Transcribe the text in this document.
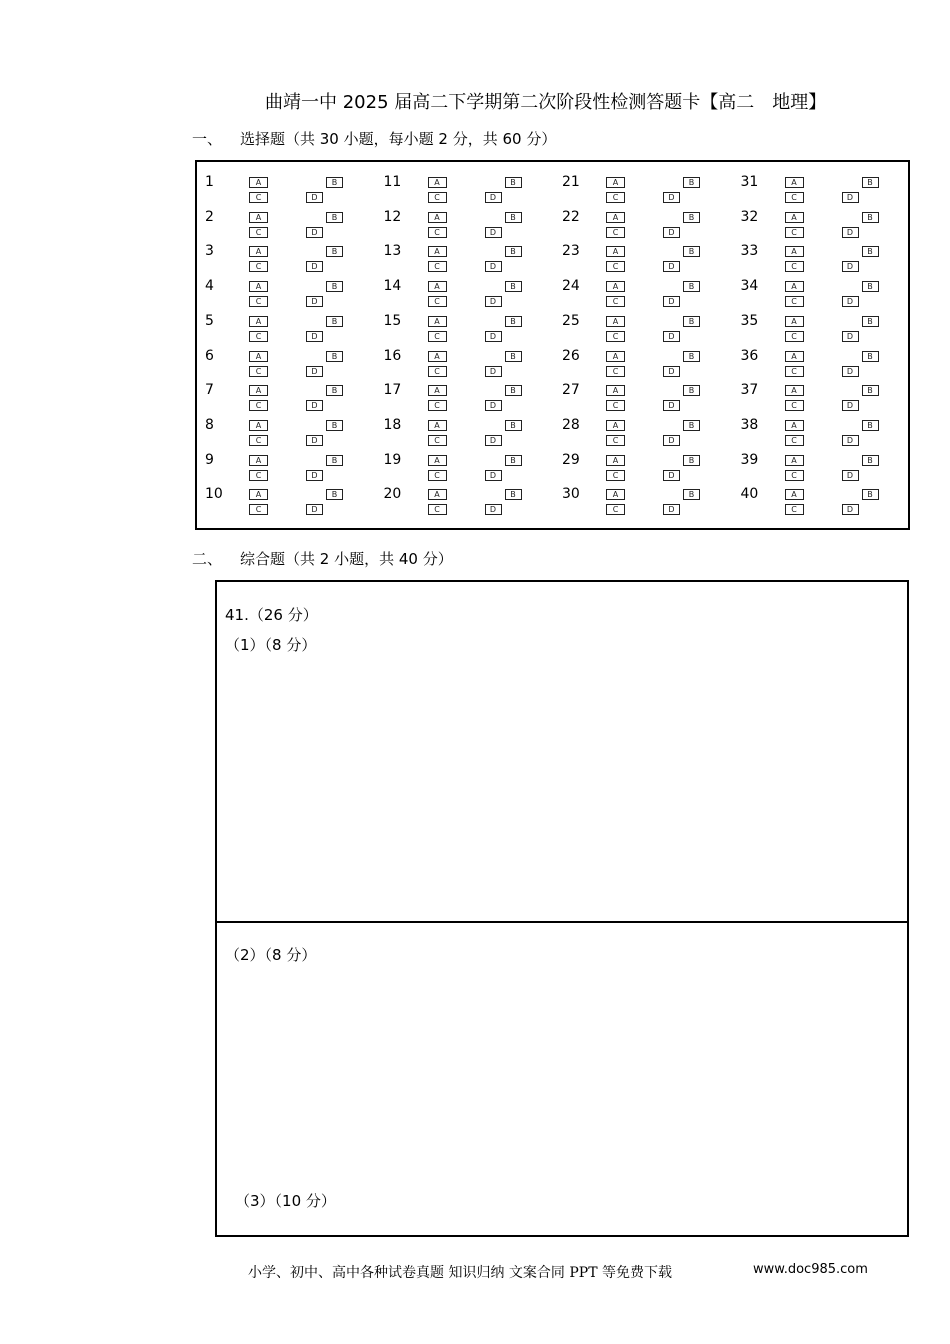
曲靖一中 2025 届高二下学期第二次阶段性检测答题卡【高二　地理】
一、 选择题（共 30 小题，每小题 2 分，共 60 分）
1	A	B
C	D
2	A	B
C	D
3	A	B
C	D
4	A	B
C	D
5	A	B
C	D
6	A	B
C	D
7	A	B
C	D
8	A	B
C	D
9	A	B
C	D
10	A	B
C	D
11	A	B
C	D
12	A	B
C	D
13	A	B
C	D
14	A	B
C	D
15	A	B
C	D
16	A	B
C	D
17	A	B
C	D
18	A	B
C	D
19	A	B
C	D
20	A	B
C	D
21	A	B
C	D
22	A	B
C	D
23	A	B
C	D
24	A	B
C	D
25	A	B
C	D
26	A	B
C	D
27	A	B
C	D
28	A	B
C	D
29	A	B
C	D
30	A	B
C	D
31	A	B
C	D
32	A	B
C	D
33	A	B
C	D
34	A	B
C	D
35	A	B
C	D
36	A	B
C	D
37	A	B
C	D
38	A	B
C	D
39	A	B
C	D
40	A	B
C	D
二、 综合题（共 2 小题，共 40 分）
41.（26 分）
（1）（8 分）
（2）（8 分）
（3）（10 分）
小学、初中、高中各种试卷真题 知识归纳 文案合同 PPT 等免费下载	www.doc985.com
